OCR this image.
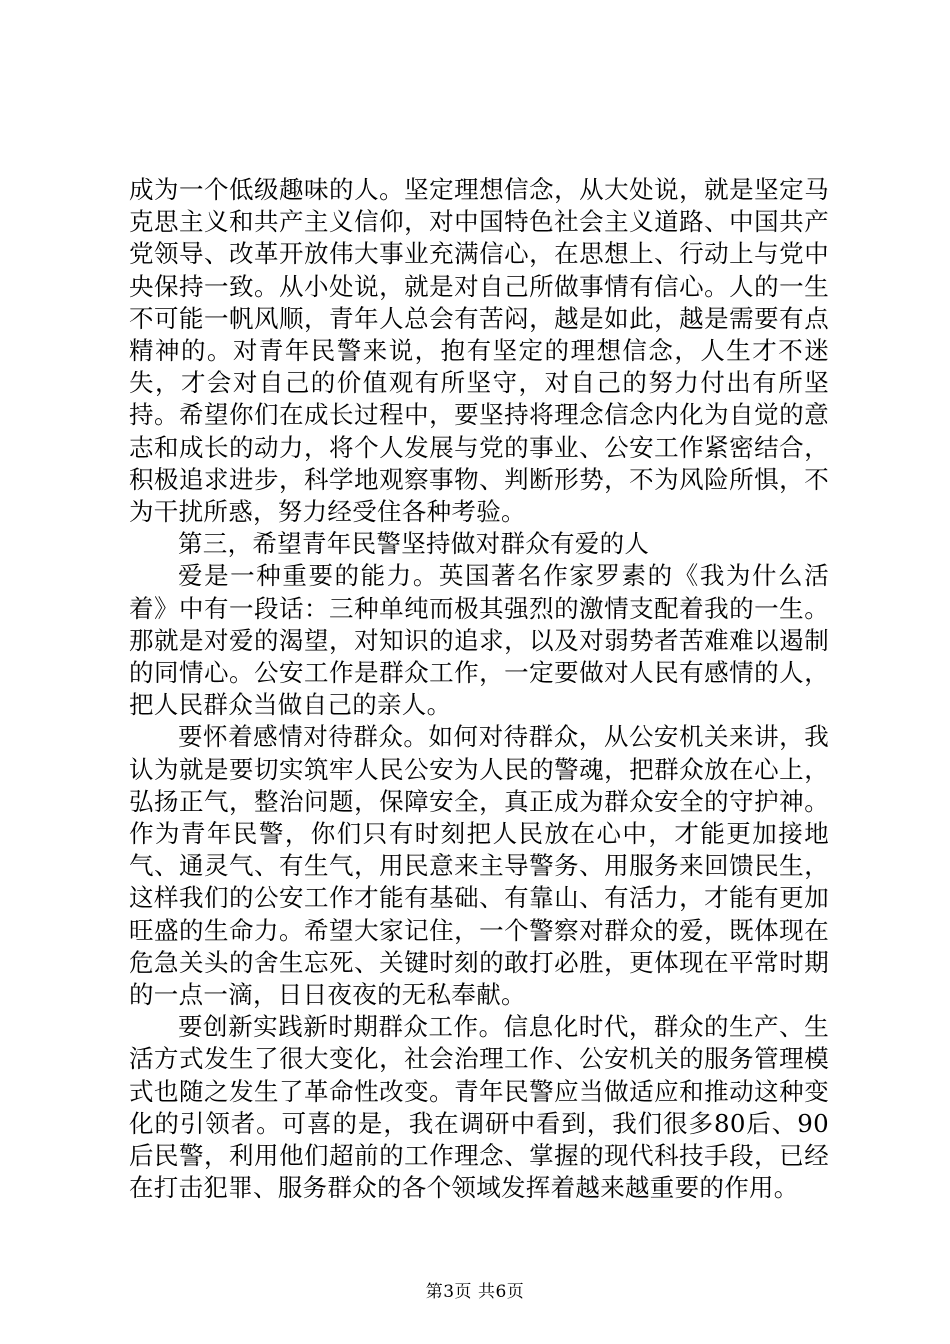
成为一个低级趣味的人。坚定理想信念，从大处说，就是坚定马克思主义和共产主义信仰，对中国特色社会主义道路、中国共产党领导、改革开放伟大事业充满信心，在思想上、行动上与党中央保持一致。从小处说，就是对自己所做事情有信心。人的一生不可能一帆风顺，青年人总会有苦闷，越是如此，越是需要有点精神的。对青年民警来说，抱有坚定的理想信念，人生才不迷失，才会对自己的价值观有所坚守，对自己的努力付出有所坚持。希望你们在成长过程中，要坚持将理念信念内化为自觉的意志和成长的动力，将个人发展与党的事业、公安工作紧密结合，积极追求进步，科学地观察事物、判断形势，不为风险所惧，不为干扰所惑，努力经受住各种考验。

第三，希望青年民警坚持做对群众有爱的人

爱是一种重要的能力。英国著名作家罗素的《我为什么活着》中有一段话：三种单纯而极其强烈的激情支配着我的一生。那就是对爱的渴望，对知识的追求，以及对弱势者苦难难以遏制的同情心。公安工作是群众工作，一定要做对人民有感情的人，把人民群众当做自己的亲人。

要怀着感情对待群众。如何对待群众，从公安机关来讲，我认为就是要切实筑牢人民公安为人民的警魂，把群众放在心上，弘扬正气，整治问题，保障安全，真正成为群众安全的守护神。作为青年民警，你们只有时刻把人民放在心中，才能更加接地气、通灵气、有生气，用民意来主导警务、用服务来回馈民生，这样我们的公安工作才能有基础、有靠山、有活力，才能有更加旺盛的生命力。希望大家记住，一个警察对群众的爱，既体现在危急关头的舍生忘死、关键时刻的敢打必胜，更体现在平常时期的一点一滴，日日夜夜的无私奉献。

要创新实践新时期群众工作。信息化时代，群众的生产、生活方式发生了很大变化，社会治理工作、公安机关的服务管理模式也随之发生了革命性改变。青年民警应当做适应和推动这种变化的引领者。可喜的是，我在调研中看到，我们很多80后、90后民警，利用他们超前的工作理念、掌握的现代科技手段，已经在打击犯罪、服务群众的各个领域发挥着越来越重要的作用。

第3页 共6页
